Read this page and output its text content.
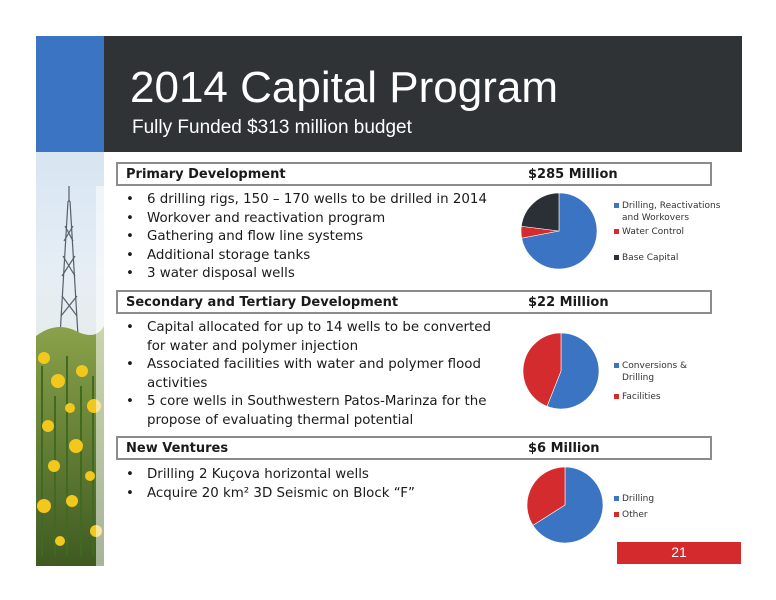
2014 Capital Program
Fully Funded $313 million budget
Primary Development	$285 Million
• 6 drilling rigs, 150 – 170 wells to be drilled in 2014
• Workover and reactivation program
• Gathering and flow line systems
• Additional storage tanks
• 3 water disposal wells
Secondary and Tertiary Development	$22 Million
• Capital allocated for up to 14 wells to be converted for water and polymer injection
• Associated facilities with water and polymer flood activities
• 5 core wells in Southwestern Patos-Marinza for the propose of evaluating thermal potential
New Ventures	$6 Million
• Drilling 2 Kuçova horizontal wells
• Acquire 20 km² 3D Seismic on Block “F”
Drilling, Reactivations and Workovers
Water Control
Base Capital
Conversions & Drilling
Facilities
Drilling
Other
21
